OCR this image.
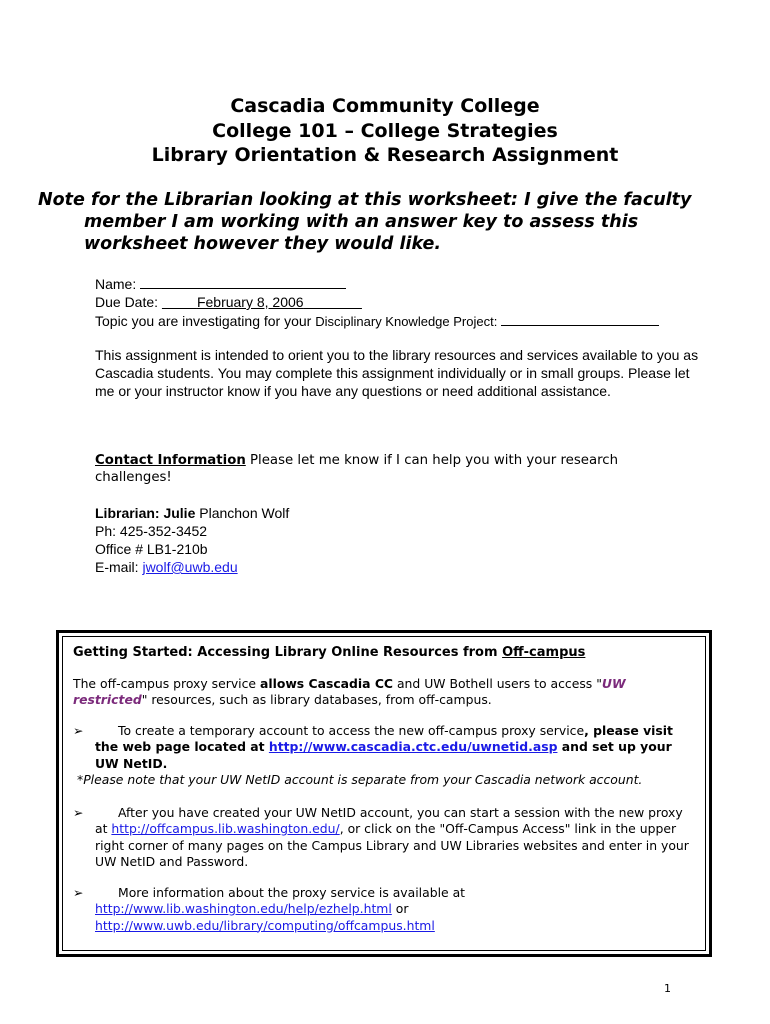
Cascadia Community College
College 101 – College Strategies
Library Orientation & Research Assignment
Note for the Librarian looking at this worksheet: I give the faculty member I am working with an answer key to assess this worksheet however they would like.
Name:
Due Date:	February 8, 2006
Topic you are investigating for your Disciplinary Knowledge Project:
This assignment is intended to orient you to the library resources and services available to you as Cascadia students. You may complete this assignment individually or in small groups. Please let me or your instructor know if you have any questions or need additional assistance.
Contact Information Please let me know if I can help you with your research challenges!
Librarian: Julie Planchon Wolf
Ph: 425-352-3452
Office # LB1-210b
E-mail: jwolf@uwb.edu
Getting Started: Accessing Library Online Resources from Off-campus

The off-campus proxy service allows Cascadia CC and UW Bothell users to access "UW restricted" resources, such as library databases, from off-campus.

➢	To create a temporary account to access the new off-campus proxy service, please visit the web page located at http://www.cascadia.ctc.edu/uwnetid.asp and set up your UW NetID.

*Please note that your UW NetID account is separate from your Cascadia network account.

➢	After you have created your UW NetID account, you can start a session with the new proxy at http://offcampus.lib.washington.edu/, or click on the "Off-Campus Access" link in the upper right corner of many pages on the Campus Library and UW Libraries websites and enter in your UW NetID and Password.

➢	More information about the proxy service is available at
http://www.lib.washington.edu/help/ezhelp.html or
http://www.uwb.edu/library/computing/offcampus.html

1
